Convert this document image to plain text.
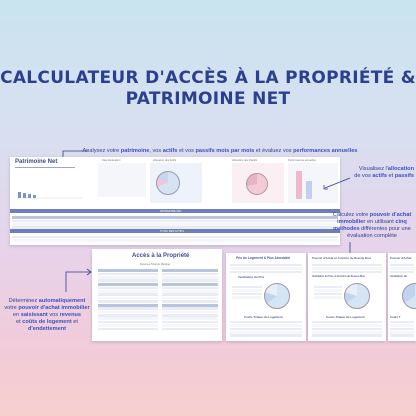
CALCULATEUR D'ACCÈS À LA PROPRIÉTÉ &
PATRIMOINE NET
Analysez votre patrimoine, vos actifs et vos passifs mois par mois et évaluez vos performances annuelles
Patrimoine Net	Date Evaluation	Allocation des Actifs	Allocation des Passifs	Performances annuelles
PATRIMOINE NET
TOTAL DES ACTIFS
Visualisez l'allocation
de vos actifs et passifs
Calculez votre pouvoir d'achat
immobilier en utilisant cinq
méthodes différentes pour une
évaluation complète
Accès à la Propriété
Revenus Total du Ménage
Prix du Logement & Plus Abordable
Ventilation du Prix
Coûts Totaux du Logement
Pouvoir d'Achat en fonction du Revenu Brut
Ventilation du Prix en fonction du Revenu Brut
Coûts Totaux du Logement
Pouvoir d'Achat
Ventilation du
Coûts T
Déterminez automatiquement
votre pouvoir d'achat immobilier
en saisissant vos revenus
et coûts de logement et d'endettement
